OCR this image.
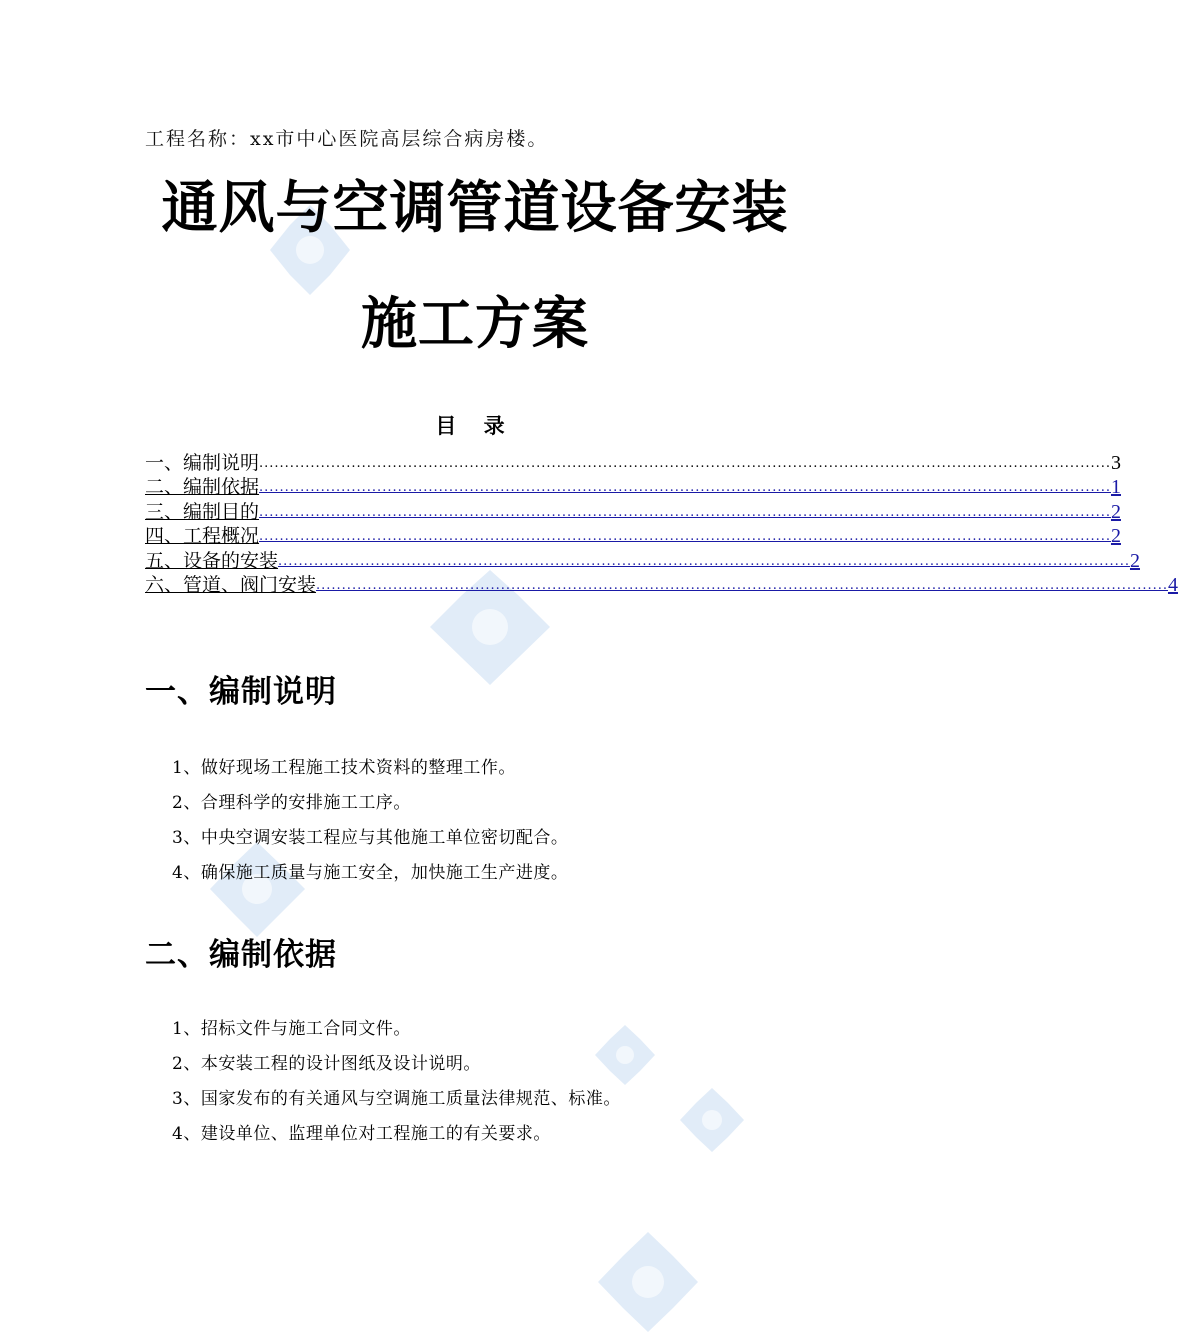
工程名称：xx市中心医院高层综合病房楼。
通风与空调管道设备安装
施工方案
目 录
一、编制说明 ...................................................................................................................................................................... 3
二、编制依据 ...................................................................................................................................................................... 1
三、编制目的 ...................................................................................................................................................................... 2
四、工程概况 ...................................................................................................................................................................... 2
五、设备的安装 ...................................................................................................................................................................... 2
六、管道、阀门安装 ...................................................................................................................................................................... 4
一、编制说明
1、做好现场工程施工技术资料的整理工作。
2、合理科学的安排施工工序。
3、中央空调安装工程应与其他施工单位密切配合。
4、确保施工质量与施工安全，加快施工生产进度。
二、编制依据
1、招标文件与施工合同文件。
2、本安装工程的设计图纸及设计说明。
3、国家发布的有关通风与空调施工质量法律规范、标准。
4、建设单位、监理单位对工程施工的有关要求。
